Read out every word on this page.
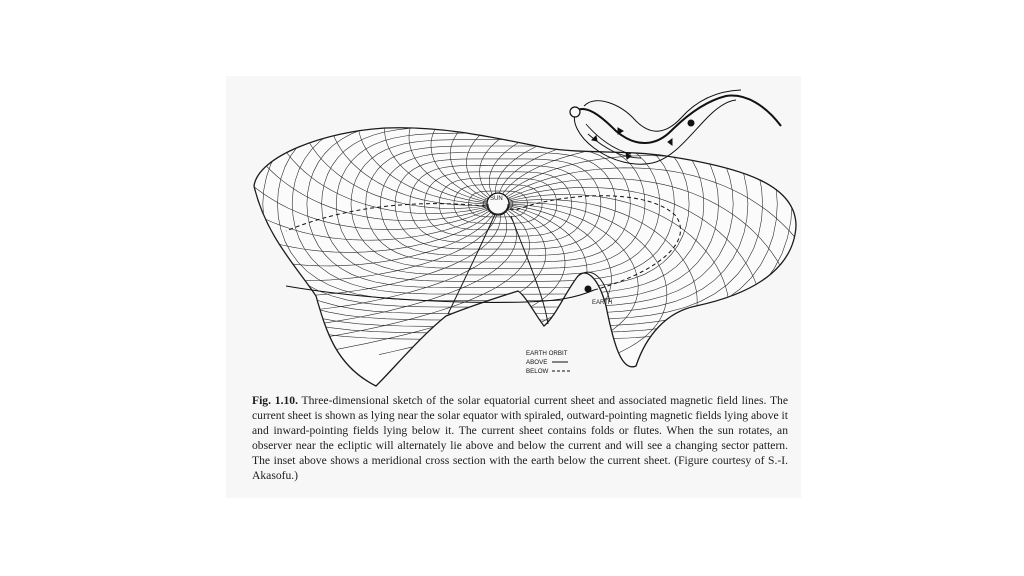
SUN
EARTH
EARTH ORBIT
ABOVE
BELOW
Fig. 1.10. Three-dimensional sketch of the solar equatorial current sheet and associated magnetic field lines. The current sheet is shown as lying near the solar equator with spiraled, outward-pointing magnetic fields lying above it and inward-pointing fields lying below it. The current sheet contains folds or flutes. When the sun rotates, an observer near the ecliptic will alternately lie above and below the current and will see a changing sector pattern. The inset above shows a meridional cross section with the earth below the current sheet. (Figure courtesy of S.-I. Akasofu.)
